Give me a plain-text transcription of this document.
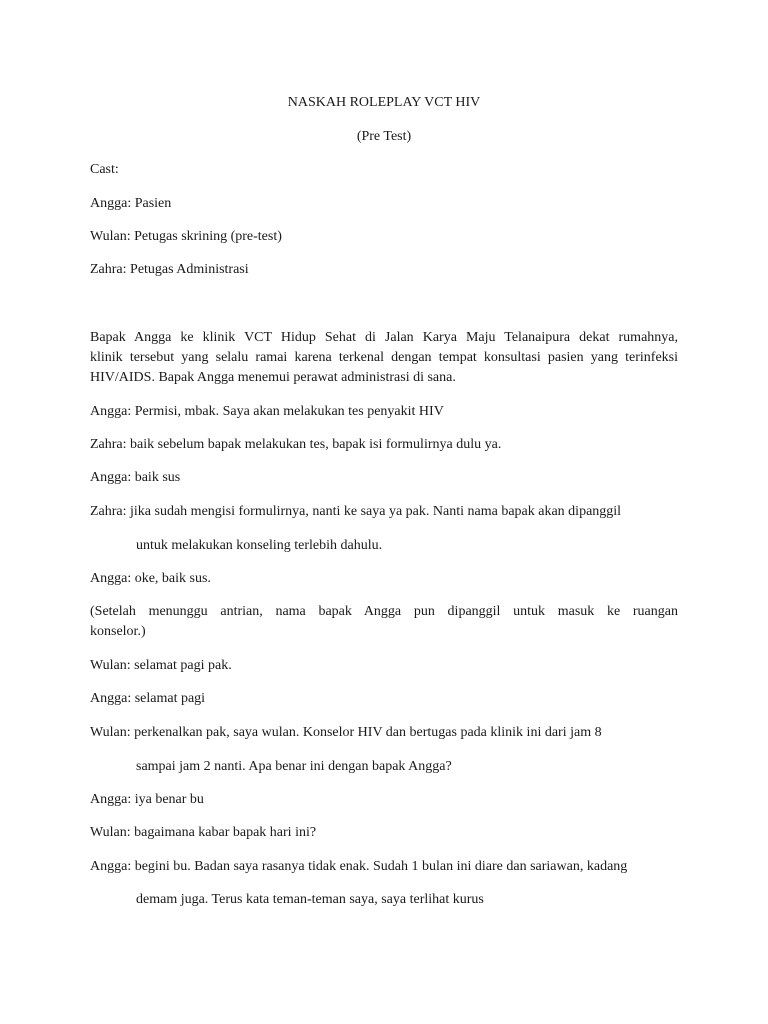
NASKAH ROLEPLAY VCT HIV
(Pre Test)
Cast:
Angga: Pasien
Wulan: Petugas skrining (pre-test)
Zahra: Petugas Administrasi
Bapak Angga ke klinik VCT Hidup Sehat di Jalan Karya Maju Telanaipura dekat rumahnya,
klinik tersebut yang selalu ramai karena terkenal dengan tempat konsultasi pasien yang terinfeksi
HIV/AIDS. Bapak Angga menemui perawat administrasi di sana.
Angga: Permisi, mbak. Saya akan melakukan tes penyakit HIV
Zahra: baik sebelum bapak melakukan tes, bapak isi formulirnya dulu ya.
Angga: baik sus
Zahra: jika sudah mengisi formulirnya, nanti ke saya ya pak. Nanti nama bapak akan dipanggil
untuk melakukan konseling terlebih dahulu.
Angga: oke, baik sus.
(Setelah menunggu antrian, nama bapak Angga pun dipanggil untuk masuk ke ruangan
konselor.)
Wulan: selamat pagi pak.
Angga: selamat pagi
Wulan: perkenalkan pak, saya wulan. Konselor HIV dan bertugas pada klinik ini dari jam 8
sampai jam 2 nanti. Apa benar ini dengan bapak Angga?
Angga: iya benar bu
Wulan: bagaimana kabar bapak hari ini?
Angga: begini bu. Badan saya rasanya tidak enak. Sudah 1 bulan ini diare dan sariawan, kadang
demam juga. Terus kata teman-teman saya, saya terlihat kurus
